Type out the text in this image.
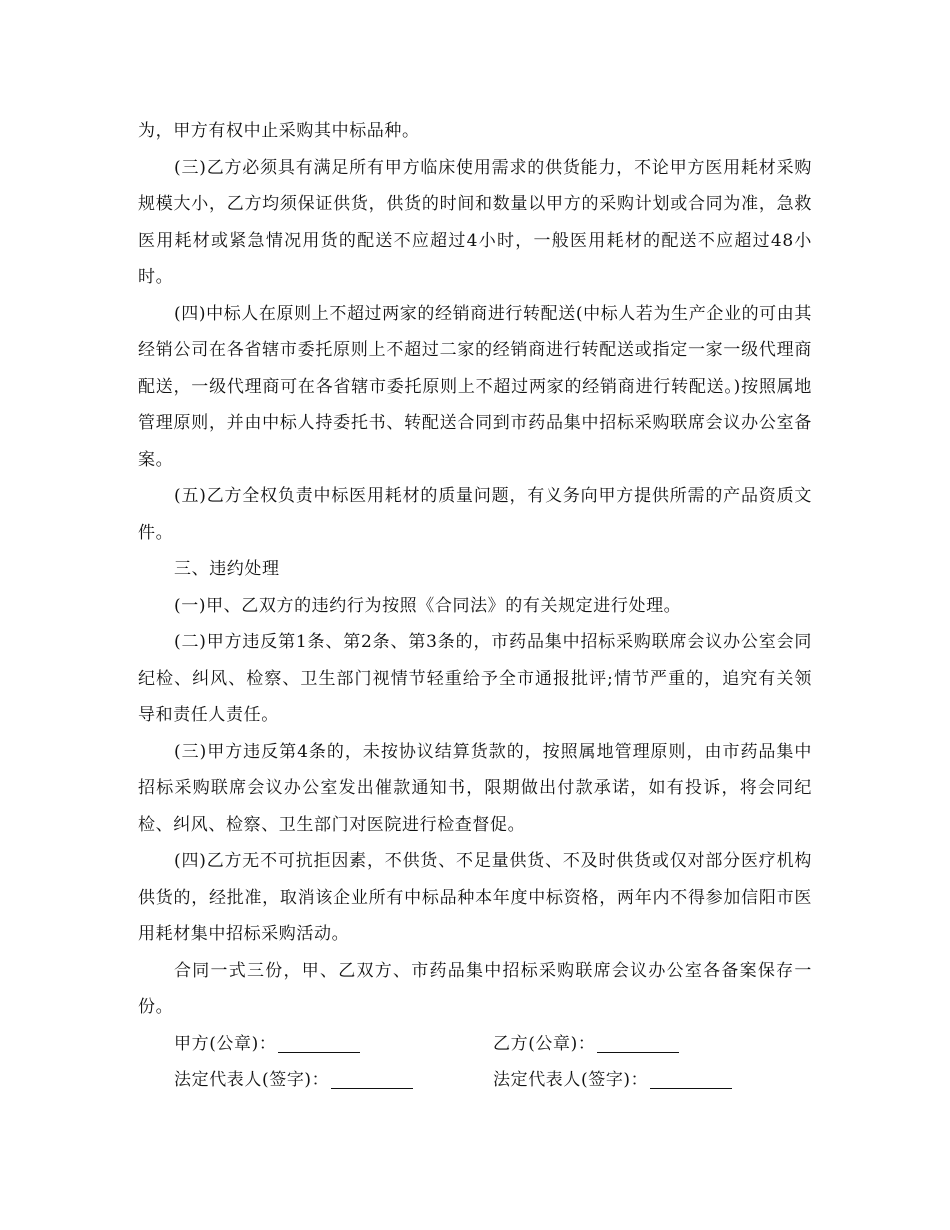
为，甲方有权中止采购其中标品种。

(三)乙方必须具有满足所有甲方临床使用需求的供货能力，不论甲方医用耗材采购规模大小，乙方均须保证供货，供货的时间和数量以甲方的采购计划或合同为准，急救医用耗材或紧急情况用货的配送不应超过4小时，一般医用耗材的配送不应超过48小时。

(四)中标人在原则上不超过两家的经销商进行转配送(中标人若为生产企业的可由其经销公司在各省辖市委托原则上不超过二家的经销商进行转配送或指定一家一级代理商配送，一级代理商可在各省辖市委托原则上不超过两家的经销商进行转配送。)按照属地管理原则，并由中标人持委托书、转配送合同到市药品集中招标采购联席会议办公室备案。

(五)乙方全权负责中标医用耗材的质量问题，有义务向甲方提供所需的产品资质文件。

三、违约处理

(一)甲、乙双方的违约行为按照《合同法》的有关规定进行处理。

(二)甲方违反第1条、第2条、第3条的，市药品集中招标采购联席会议办公室会同纪检、纠风、检察、卫生部门视情节轻重给予全市通报批评;情节严重的，追究有关领导和责任人责任。

(三)甲方违反第4条的，未按协议结算货款的，按照属地管理原则，由市药品集中招标采购联席会议办公室发出催款通知书，限期做出付款承诺，如有投诉，将会同纪检、纠风、检察、卫生部门对医院进行检查督促。

(四)乙方无不可抗拒因素，不供货、不足量供货、不及时供货或仅对部分医疗机构供货的，经批准，取消该企业所有中标品种本年度中标资格，两年内不得参加信阳市医用耗材集中招标采购活动。

合同一式三份，甲、乙双方、市药品集中招标采购联席会议办公室各备案保存一份。

甲方(公章)：	乙方(公章)：
法定代表人(签字)：	法定代表人(签字)：
